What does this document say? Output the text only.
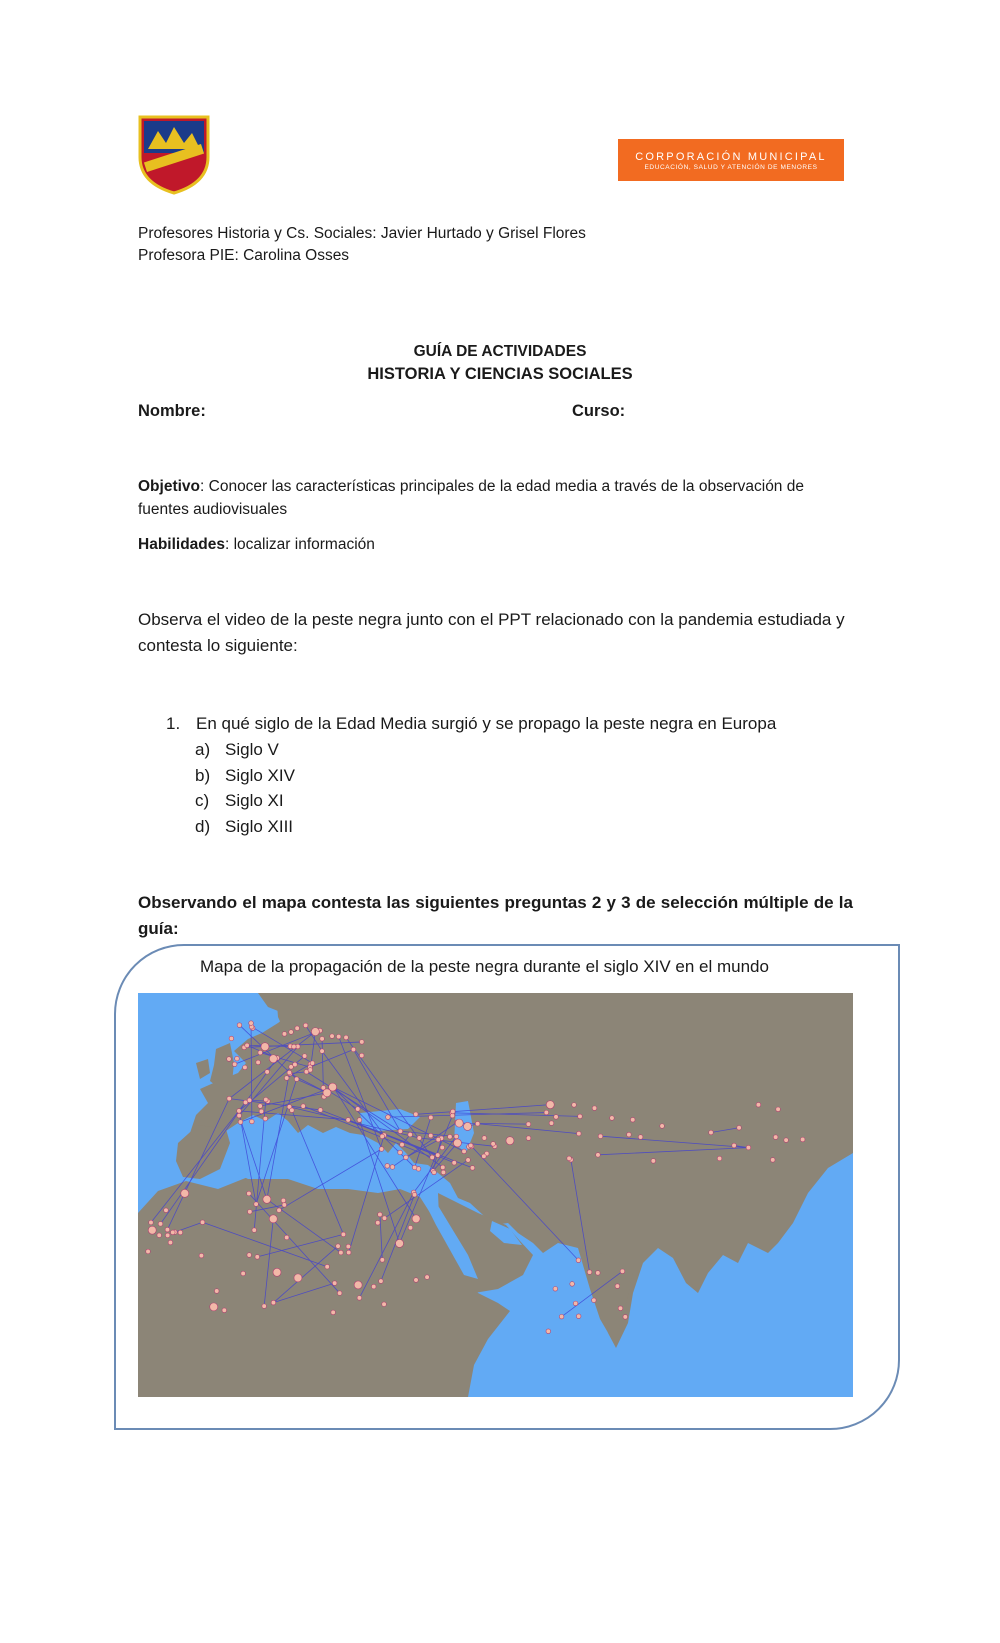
CORPORACIÓN MUNICIPAL
EDUCACIÓN, SALUD Y ATENCIÓN DE MENORES
Profesores Historia y Cs. Sociales: Javier Hurtado y Grisel Flores
Profesora PIE: Carolina Osses
GUÍA DE ACTIVIDADES
HISTORIA Y CIENCIAS SOCIALES
Nombre:	Curso:
Objetivo: Conocer las características principales de la edad media a través de la observación de fuentes audiovisuales
Habilidades: localizar información
Observa el video de la peste negra junto con el PPT relacionado con la pandemia estudiada y contesta lo siguiente:
1. En qué siglo de la Edad Media surgió y se propago la peste negra en Europa
a) Siglo V
b) Siglo XIV
c) Siglo XI
d) Siglo XIII
Observando el mapa contesta las siguientes preguntas 2 y 3 de selección múltiple de la guía:
Mapa de la propagación de la peste negra durante el siglo XIV en el mundo
